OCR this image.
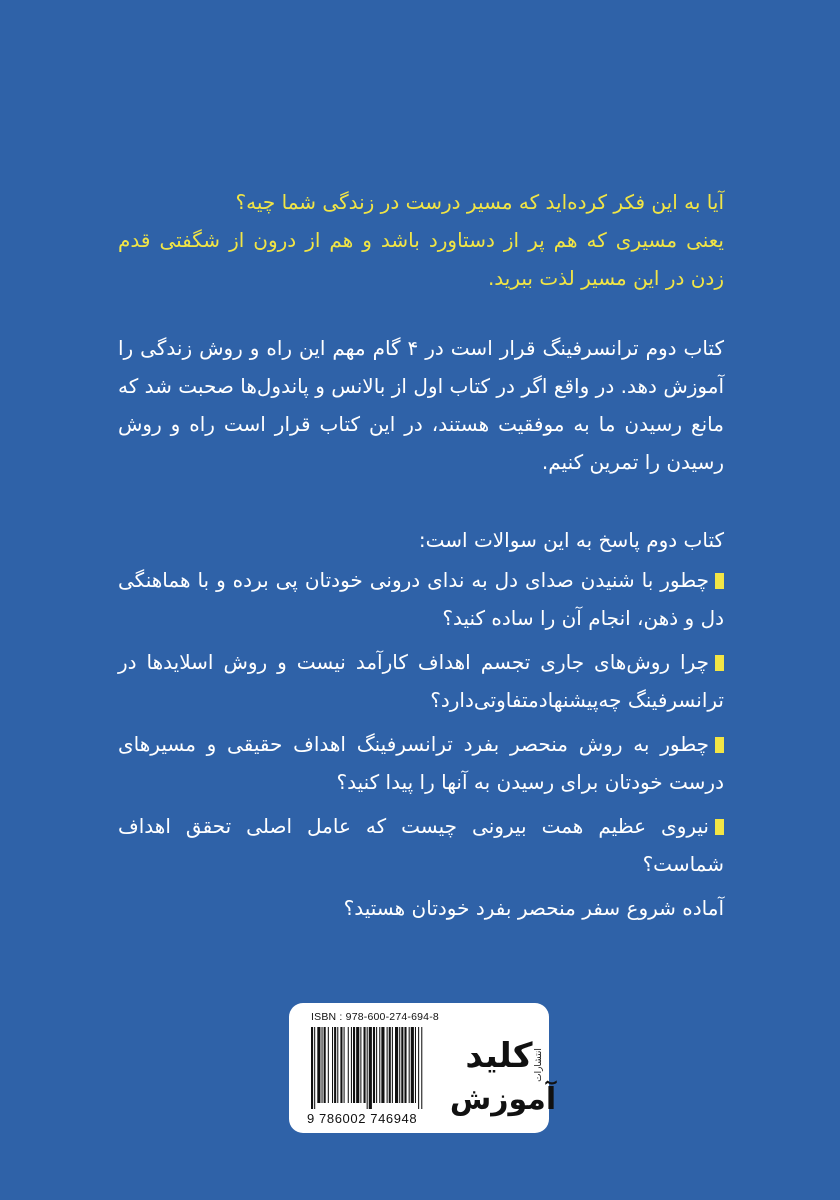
آیا به این فکر کرده‌اید که مسیر درست در زندگی شما چیه؟

یعنی مسیری که هم پر از دستاورد باشد و هم از درون از شگفتی قدم زدن در این مسیر لذت ببرید.

کتاب دوم ترانسرفینگ قرار است در ۴ گام مهم این راه و روش زندگی را آموزش دهد. در واقع اگر در کتاب اول از بالانس و پاندول‌ها صحبت شد که مانع رسیدن ما به موفقیت هستند، در این کتاب قرار است راه و روش رسیدن را تمرین کنیم.

کتاب دوم پاسخ به این سوالات است:

چطور با شنیدن صدای دل به ندای درونی خودتان پی برده و با هماهنگی دل و ذهن، انجام آن را ساده کنید؟

چرا روش‌های جاری تجسم اهداف کارآمد نیست و روش اسلایدها در ترانسرفینگ چه‌پیشنهادمتفاوتی‌دارد؟

چطور به روش منحصر بفرد ترانسرفینگ اهداف حقیقی و مسیرهای درست خودتان برای رسیدن به آنها را پیدا کنید؟

نیروی عظیم همت بیرونی چیست که عامل اصلی تحقق اهداف شماست؟

آماده شروع سفر منحصر بفرد خودتان هستید؟

ISBN : 978-600-274-694-8
9 786002 746948
انتشارات
کلید
آموزش
